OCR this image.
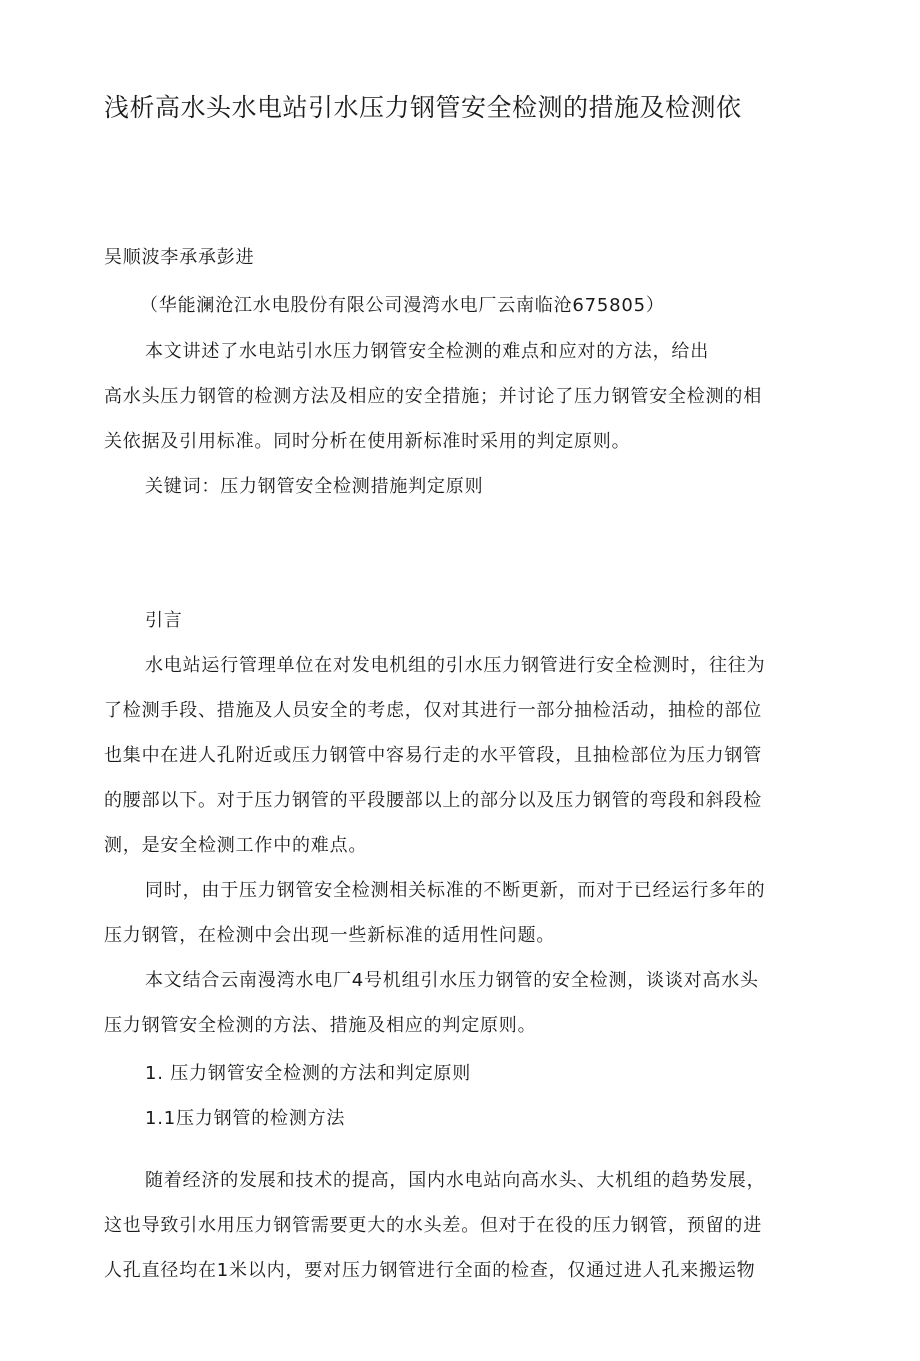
浅析高水头水电站引水压力钢管安全检测的措施及检测依
吴顺波李承承彭进
（华能澜沧江水电股份有限公司漫湾水电厂云南临沧675805）
本文讲述了水电站引水压力钢管安全检测的难点和应对的方法，给出
高水头压力钢管的检测方法及相应的安全措施；并讨论了压力钢管安全检测的相
关依据及引用标准。同时分析在使用新标准时采用的判定原则。
关键词：压力钢管安全检测措施判定原则
引言
水电站运行管理单位在对发电机组的引水压力钢管进行安全检测时，往往为
了检测手段、措施及人员安全的考虑，仅对其进行一部分抽检活动，抽检的部位
也集中在进人孔附近或压力钢管中容易行走的水平管段，且抽检部位为压力钢管
的腰部以下。对于压力钢管的平段腰部以上的部分以及压力钢管的弯段和斜段检
测，是安全检测工作中的难点。
同时，由于压力钢管安全检测相关标准的不断更新，而对于已经运行多年的
压力钢管，在检测中会出现一些新标准的适用性问题。
本文结合云南漫湾水电厂4号机组引水压力钢管的安全检测，谈谈对高水头
压力钢管安全检测的方法、措施及相应的判定原则。
1. 压力钢管安全检测的方法和判定原则
1.1压力钢管的检测方法
随着经济的发展和技术的提高，国内水电站向高水头、大机组的趋势发展，
这也导致引水用压力钢管需要更大的水头差。但对于在役的压力钢管，预留的进
人孔直径均在1米以内，要对压力钢管进行全面的检查，仅通过进人孔来搬运物
